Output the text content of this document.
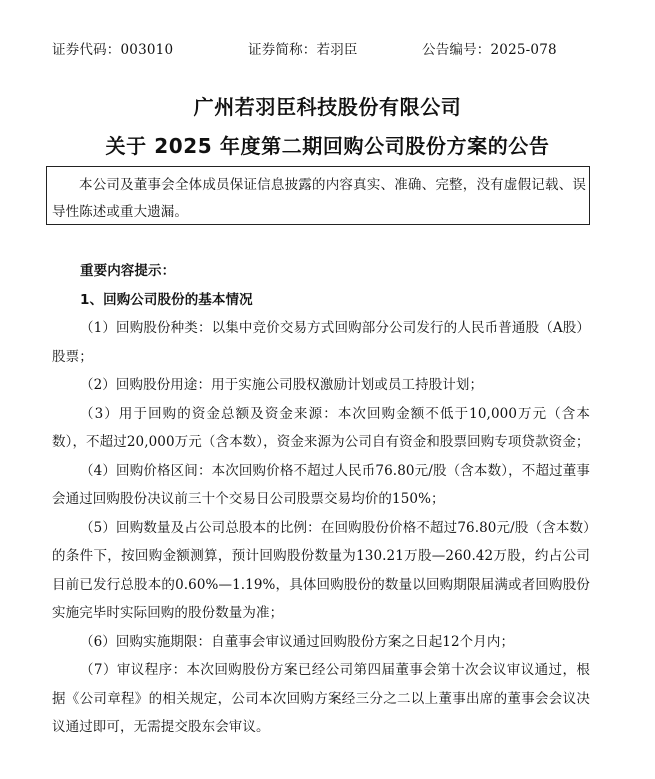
证券代码：003010	证券简称：若羽臣	公告编号：2025-078
广州若羽臣科技股份有限公司
关于 2025 年度第二期回购公司股份方案的公告
本公司及董事会全体成员保证信息披露的内容真实、准确、完整，没有虚假记载、误导性陈述或重大遗漏。
重要内容提示：
1、回购公司股份的基本情况

（1）回购股份种类：以集中竞价交易方式回购部分公司发行的人民币普通股（A股）股票；

（2）回购股份用途：用于实施公司股权激励计划或员工持股计划；

（3）用于回购的资金总额及资金来源：本次回购金额不低于10,000万元（含本数），不超过20,000万元（含本数），资金来源为公司自有资金和股票回购专项贷款资金；

（4）回购价格区间：本次回购价格不超过人民币76.80元/股（含本数），不超过董事会通过回购股份决议前三十个交易日公司股票交易均价的150%；

（5）回购数量及占公司总股本的比例：在回购股份价格不超过76.80元/股（含本数）的条件下，按回购金额测算，预计回购股份数量为130.21万股—260.42万股，约占公司目前已发行总股本的0.60%—1.19%，具体回购股份的数量以回购期限届满或者回购股份实施完毕时实际回购的股份数量为准；

（6）回购实施期限：自董事会审议通过回购股份方案之日起12个月内；

（7）审议程序：本次回购股份方案已经公司第四届董事会第十次会议审议通过，根据《公司章程》的相关规定，公司本次回购方案经三分之二以上董事出席的董事会会议决议通过即可，无需提交股东会审议。
